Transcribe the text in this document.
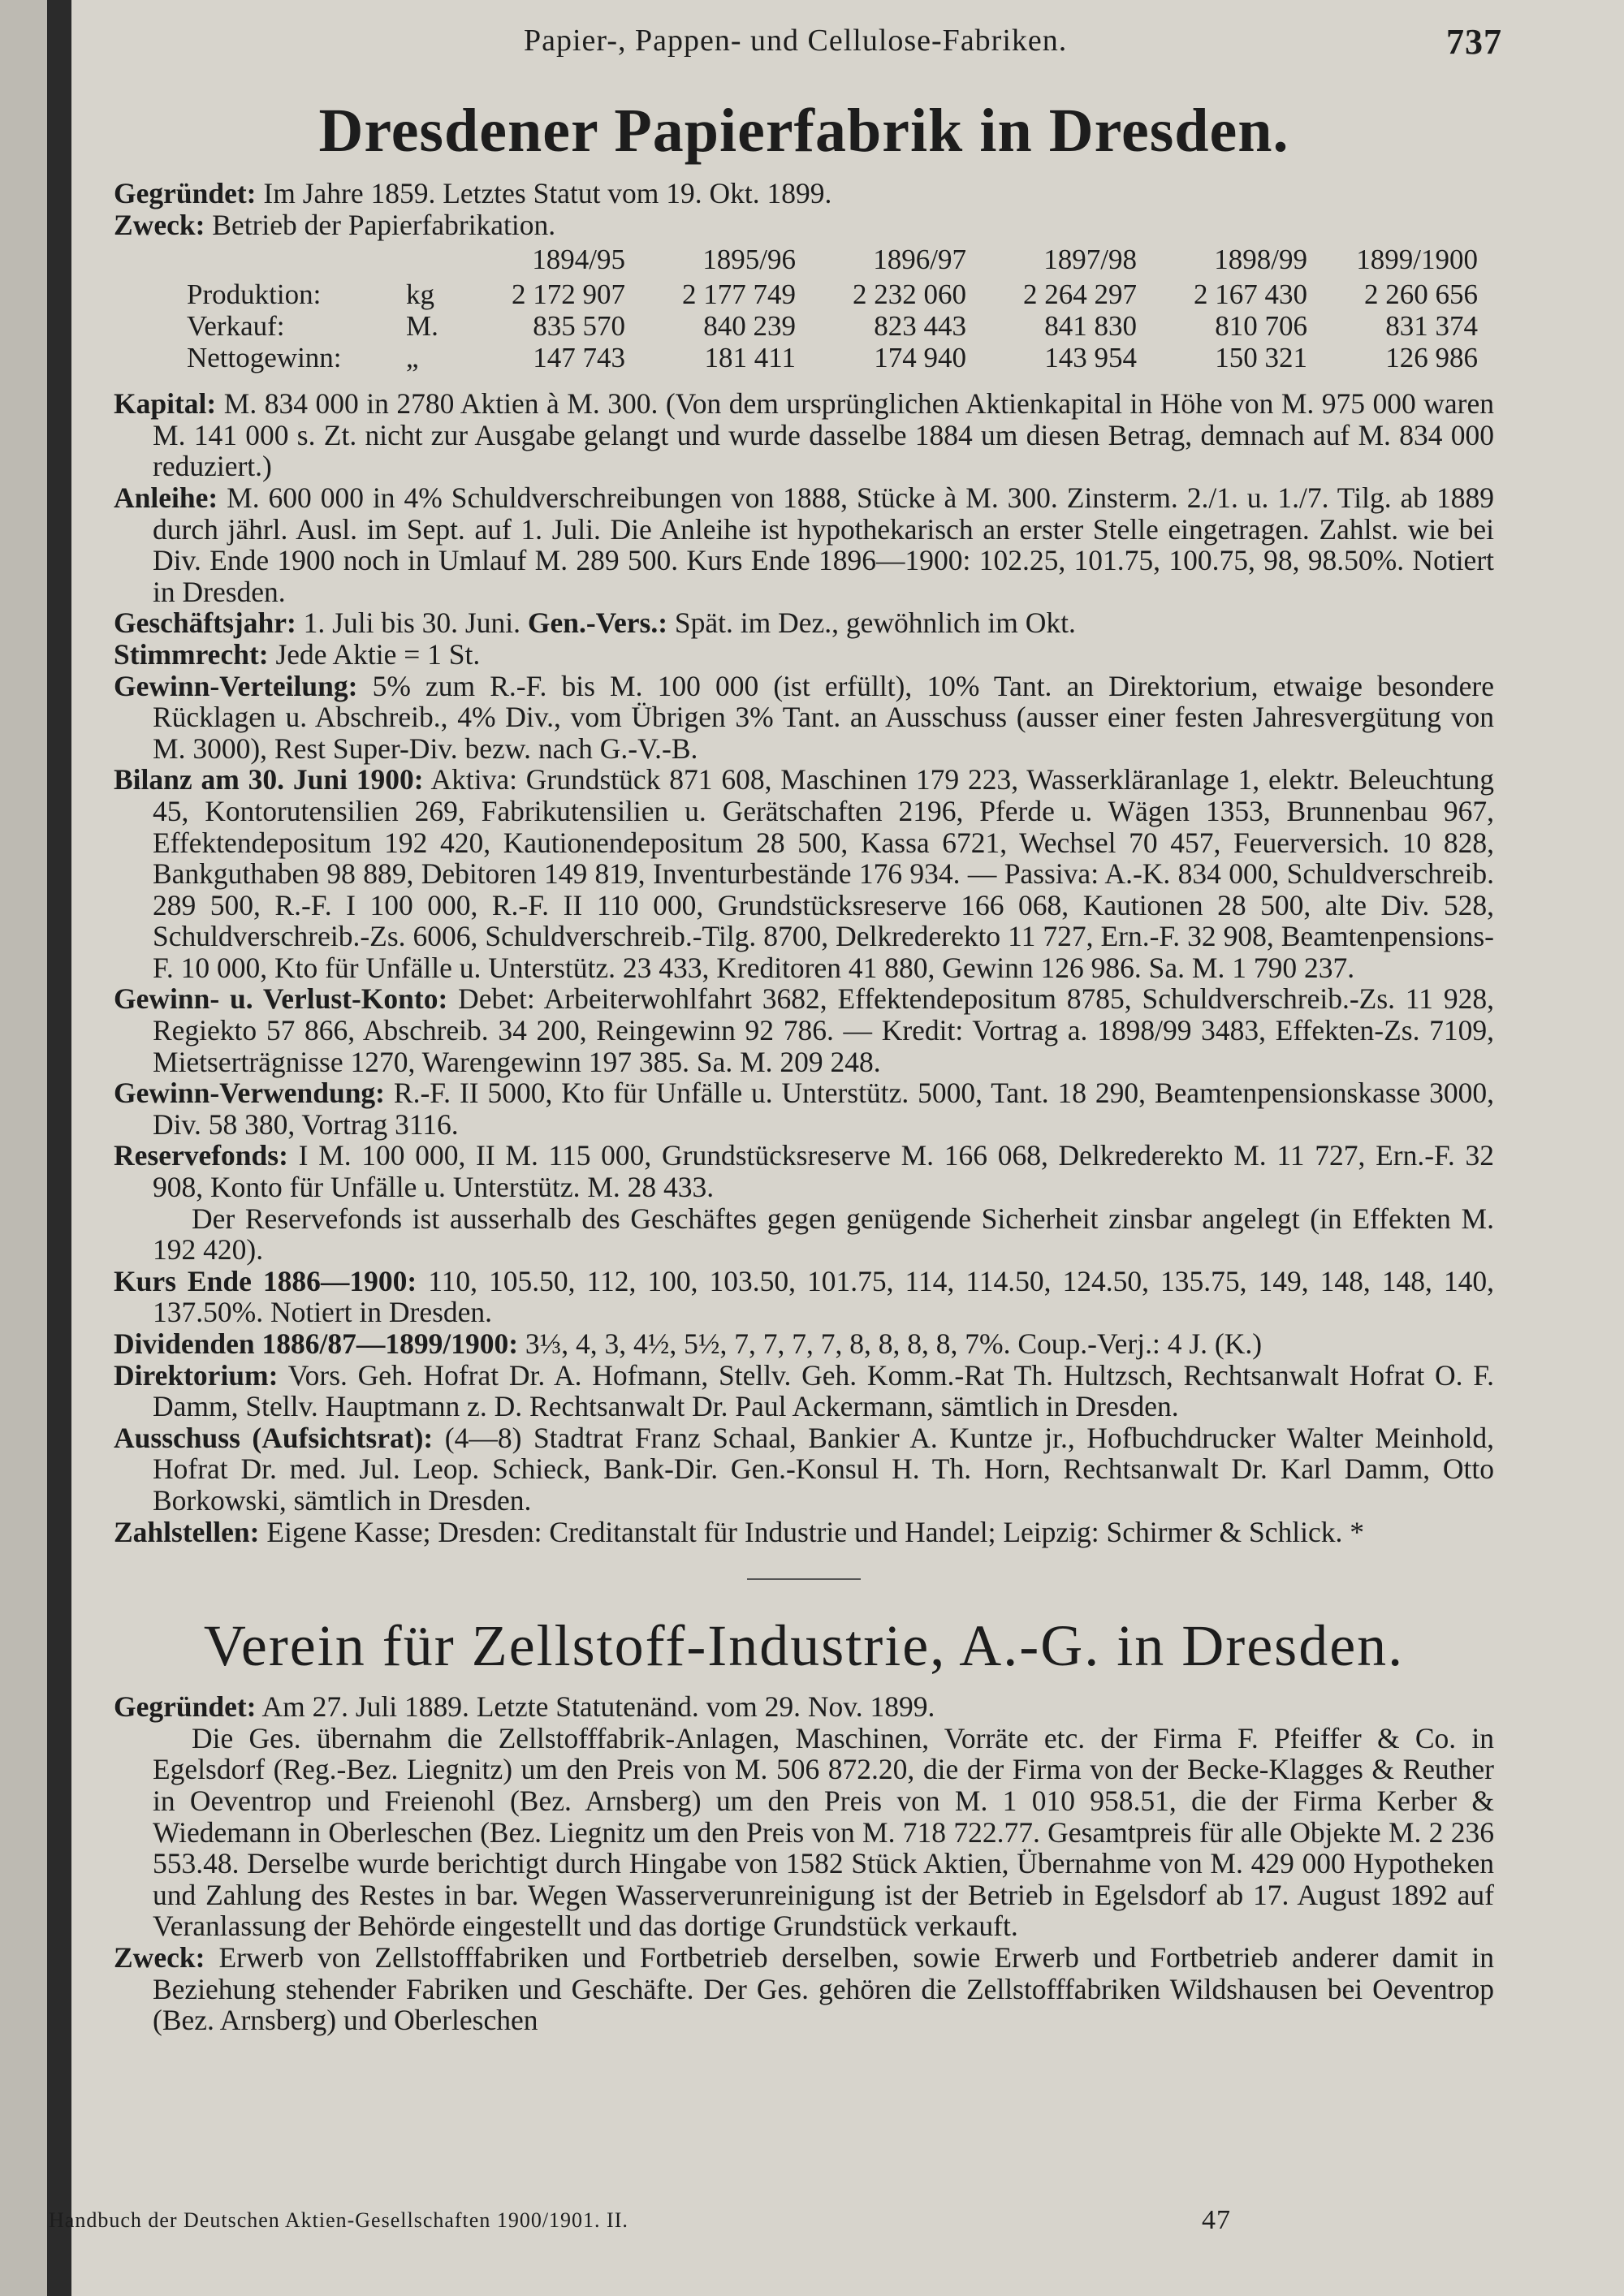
Papier-, Pappen- und Cellulose-Fabriken.	737
Dresdener Papierfabrik in Dresden.

Gegründet: Im Jahre 1859. Letztes Statut vom 19. Okt. 1899.

Zweck: Betrieb der Papierfabrikation.

		1894/95	1895/96	1896/97	1897/98	1898/99	1899/1900
Produktion:	kg	2 172 907	2 177 749	2 232 060	2 264 297	2 167 430	2 260 656
Verkauf:	M.	835 570	840 239	823 443	841 830	810 706	831 374
Nettogewinn:	„	147 743	181 411	174 940	143 954	150 321	126 986

Kapital: M. 834 000 in 2780 Aktien à M. 300. (Von dem ursprünglichen Aktienkapital in Höhe von M. 975 000 waren M. 141 000 s. Zt. nicht zur Ausgabe gelangt und wurde dasselbe 1884 um diesen Betrag, demnach auf M. 834 000 reduziert.)

Anleihe: M. 600 000 in 4% Schuldverschreibungen von 1888, Stücke à M. 300. Zinsterm. 2./1. u. 1./7. Tilg. ab 1889 durch jährl. Ausl. im Sept. auf 1. Juli. Die Anleihe ist hypothekarisch an erster Stelle eingetragen. Zahlst. wie bei Div. Ende 1900 noch in Umlauf M. 289 500. Kurs Ende 1896—1900: 102.25, 101.75, 100.75, 98, 98.50%. Notiert in Dresden.

Geschäftsjahr: 1. Juli bis 30. Juni. Gen.-Vers.: Spät. im Dez., gewöhnlich im Okt.

Stimmrecht: Jede Aktie = 1 St.

Gewinn-Verteilung: 5% zum R.-F. bis M. 100 000 (ist erfüllt), 10% Tant. an Direktorium, etwaige besondere Rücklagen u. Abschreib., 4% Div., vom Übrigen 3% Tant. an Ausschuss (ausser einer festen Jahresvergütung von M. 3000), Rest Super-Div. bezw. nach G.-V.-B.

Bilanz am 30. Juni 1900: Aktiva: Grundstück 871 608, Maschinen 179 223, Wasserkläranlage 1, elektr. Beleuchtung 45, Kontorutensilien 269, Fabrikutensilien u. Gerätschaften 2196, Pferde u. Wägen 1353, Brunnenbau 967, Effektendepositum 192 420, Kautionendepositum 28 500, Kassa 6721, Wechsel 70 457, Feuerversich. 10 828, Bankguthaben 98 889, Debitoren 149 819, Inventurbestände 176 934. — Passiva: A.-K. 834 000, Schuldverschreib. 289 500, R.-F. I 100 000, R.-F. II 110 000, Grundstücksreserve 166 068, Kautionen 28 500, alte Div. 528, Schuldverschreib.-Zs. 6006, Schuldverschreib.-Tilg. 8700, Delkrederekto 11 727, Ern.-F. 32 908, Beamtenpensions-F. 10 000, Kto für Unfälle u. Unterstütz. 23 433, Kreditoren 41 880, Gewinn 126 986. Sa. M. 1 790 237.

Gewinn- u. Verlust-Konto: Debet: Arbeiterwohlfahrt 3682, Effektendepositum 8785, Schuldverschreib.-Zs. 11 928, Regiekto 57 866, Abschreib. 34 200, Reingewinn 92 786. — Kredit: Vortrag a. 1898/99 3483, Effekten-Zs. 7109, Mietserträgnisse 1270, Warengewinn 197 385. Sa. M. 209 248.

Gewinn-Verwendung: R.-F. II 5000, Kto für Unfälle u. Unterstütz. 5000, Tant. 18 290, Beamtenpensionskasse 3000, Div. 58 380, Vortrag 3116.

Reservefonds: I M. 100 000, II M. 115 000, Grundstücksreserve M. 166 068, Delkrederekto M. 11 727, Ern.-F. 32 908, Konto für Unfälle u. Unterstütz. M. 28 433.

Der Reservefonds ist ausserhalb des Geschäftes gegen genügende Sicherheit zinsbar angelegt (in Effekten M. 192 420).

Kurs Ende 1886—1900: 110, 105.50, 112, 100, 103.50, 101.75, 114, 114.50, 124.50, 135.75, 149, 148, 148, 140, 137.50%. Notiert in Dresden.

Dividenden 1886/87—1899/1900: 3⅓, 4, 3, 4½, 5½, 7, 7, 7, 7, 8, 8, 8, 8, 7%. Coup.-Verj.: 4 J. (K.)

Direktorium: Vors. Geh. Hofrat Dr. A. Hofmann, Stellv. Geh. Komm.-Rat Th. Hultzsch, Rechtsanwalt Hofrat O. F. Damm, Stellv. Hauptmann z. D. Rechtsanwalt Dr. Paul Ackermann, sämtlich in Dresden.

Ausschuss (Aufsichtsrat): (4—8) Stadtrat Franz Schaal, Bankier A. Kuntze jr., Hofbuchdrucker Walter Meinhold, Hofrat Dr. med. Jul. Leop. Schieck, Bank-Dir. Gen.-Konsul H. Th. Horn, Rechtsanwalt Dr. Karl Damm, Otto Borkowski, sämtlich in Dresden.

Zahlstellen: Eigene Kasse; Dresden: Creditanstalt für Industrie und Handel; Leipzig: Schirmer & Schlick. *

Verein für Zellstoff-Industrie, A.-G. in Dresden.

Gegründet: Am 27. Juli 1889. Letzte Statutenänd. vom 29. Nov. 1899.

Die Ges. übernahm die Zellstofffabrik-Anlagen, Maschinen, Vorräte etc. der Firma F. Pfeiffer & Co. in Egelsdorf (Reg.-Bez. Liegnitz) um den Preis von M. 506 872.20, die der Firma von der Becke-Klagges & Reuther in Oeventrop und Freienohl (Bez. Arnsberg) um den Preis von M. 1 010 958.51, die der Firma Kerber & Wiedemann in Oberleschen (Bez. Liegnitz um den Preis von M. 718 722.77. Gesamtpreis für alle Objekte M. 2 236 553.48. Derselbe wurde berichtigt durch Hingabe von 1582 Stück Aktien, Übernahme von M. 429 000 Hypotheken und Zahlung des Restes in bar. Wegen Wasserverunreinigung ist der Betrieb in Egelsdorf ab 17. August 1892 auf Veranlassung der Behörde eingestellt und das dortige Grundstück verkauft.

Zweck: Erwerb von Zellstofffabriken und Fortbetrieb derselben, sowie Erwerb und Fortbetrieb anderer damit in Beziehung stehender Fabriken und Geschäfte. Der Ges. gehören die Zellstofffabriken Wildshausen bei Oeventrop (Bez. Arnsberg) und Oberleschen

Handbuch der Deutschen Aktien-Gesellschaften 1900/1901. II.	47
